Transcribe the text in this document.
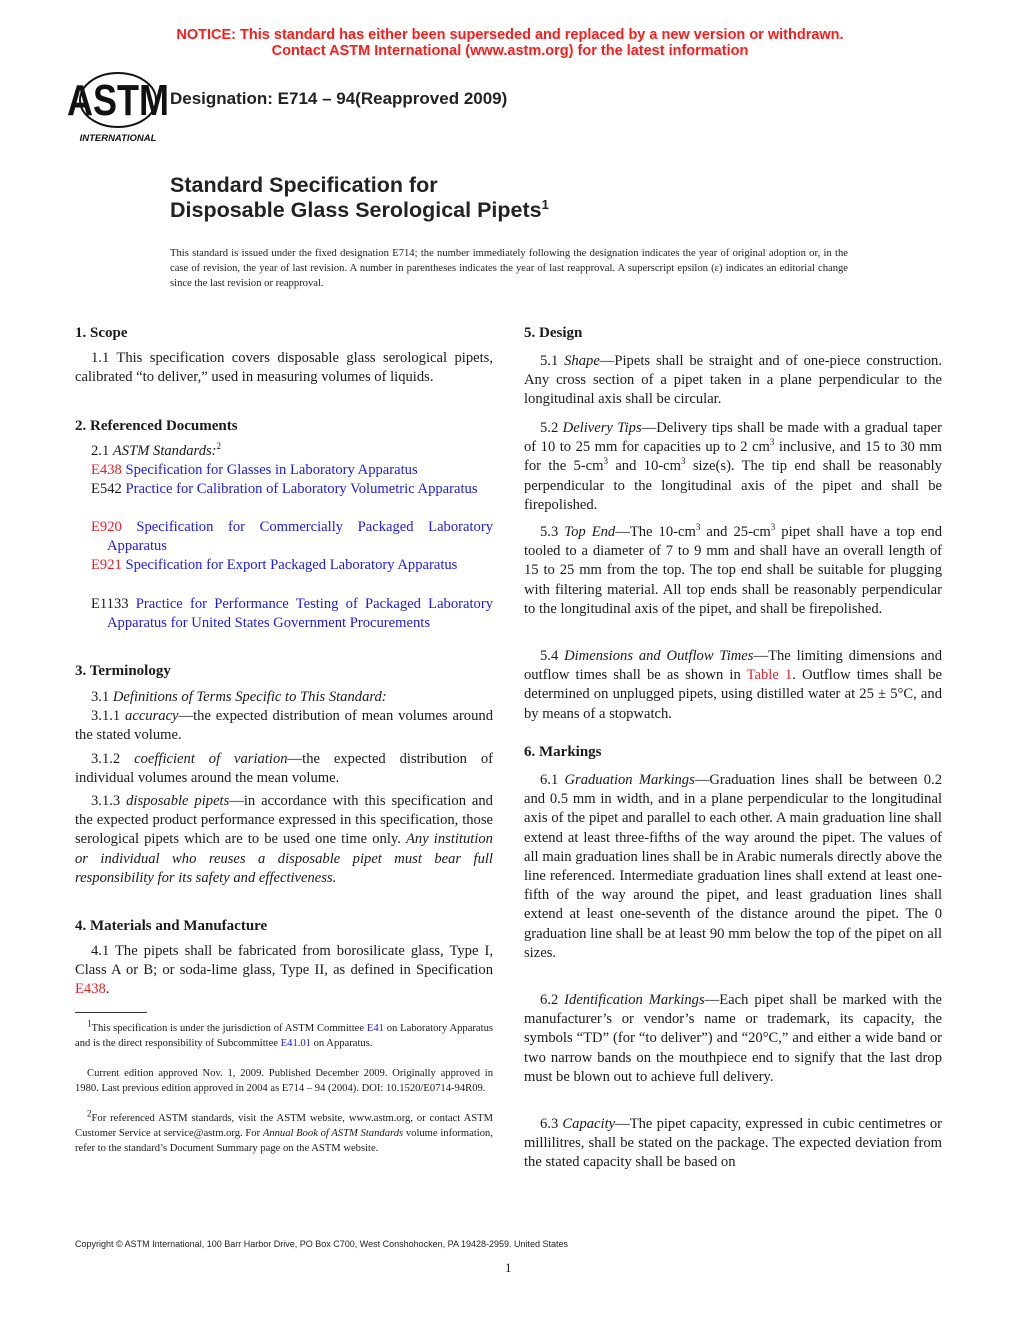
NOTICE: This standard has either been superseded and replaced by a new version or withdrawn.
Contact ASTM International (www.astm.org) for the latest information
ASTM
INTERNATIONAL
Designation: E714 – 94(Reapproved 2009)
Standard Specification for
Disposable Glass Serological Pipets$^1$
This standard is issued under the fixed designation E714; the number immediately following the designation indicates the year of original adoption or, in the case of revision, the year of last revision. A number in parentheses indicates the year of last reapproval. A superscript epsilon (ε) indicates an editorial change since the last revision or reapproval.
1. Scope
1.1 This specification covers disposable glass serological pipets, calibrated “to deliver,” used in measuring volumes of liquids.
2. Referenced Documents
2.1 ASTM Standards:$^2$
E438 Specification for Glasses in Laboratory Apparatus
E542 Practice for Calibration of Laboratory Volumetric Apparatus
E920 Specification for Commercially Packaged Laboratory Apparatus
E921 Specification for Export Packaged Laboratory Apparatus
E1133 Practice for Performance Testing of Packaged Laboratory Apparatus for United States Government Procurements
3. Terminology
3.1 Definitions of Terms Specific to This Standard:
3.1.1 accuracy—the expected distribution of mean volumes around the stated volume.
3.1.2 coefficient of variation—the expected distribution of individual volumes around the mean volume.
3.1.3 disposable pipets—in accordance with this specification and the expected product performance expressed in this specification, those serological pipets which are to be used one time only. Any institution or individual who reuses a disposable pipet must bear full responsibility for its safety and effectiveness.
4. Materials and Manufacture
4.1 The pipets shall be fabricated from borosilicate glass, Type I, Class A or B; or soda-lime glass, Type II, as defined in Specification E438.
5. Design
5.1 Shape—Pipets shall be straight and of one-piece construction. Any cross section of a pipet taken in a plane perpendicular to the longitudinal axis shall be circular.
5.2 Delivery Tips—Delivery tips shall be made with a gradual taper of 10 to 25 mm for capacities up to 2 $cm^3$ inclusive, and 15 to 30 mm for the $5-cm^3$ and $10-cm^3$ size(s). The tip end shall be reasonably perpendicular to the longitudinal axis of the pipet and shall be firepolished.
5.3 Top End—The $10-cm^3$ and $25-cm^3$ pipet shall have a top end tooled to a diameter of 7 to 9 mm and shall have an overall length of 15 to 25 mm from the top. The top end shall be suitable for plugging with filtering material. All top ends shall be reasonably perpendicular to the longitudinal axis of the pipet, and shall be firepolished.
5.4 Dimensions and Outflow Times—The limiting dimensions and outflow times shall be as shown in Table 1. Outflow times shall be determined on unplugged pipets, using distilled water at 25 ± 5°C, and by means of a stopwatch.
6. Markings
6.1 Graduation Markings—Graduation lines shall be between 0.2 and 0.5 mm in width, and in a plane perpendicular to the longitudinal axis of the pipet and parallel to each other. A main graduation line shall extend at least three-fifths of the way around the pipet. The values of all main graduation lines shall be in Arabic numerals directly above the line referenced. Intermediate graduation lines shall extend at least one-fifth of the way around the pipet, and least graduation lines shall extend at least one-seventh of the distance around the pipet. The 0 graduation line shall be at least 90 mm below the top of the pipet on all sizes.
6.2 Identification Markings—Each pipet shall be marked with the manufacturer’s or vendor’s name or trademark, its capacity, the symbols “TD” (for “to deliver”) and “20°C,” and either a wide band or two narrow bands on the mouthpiece end to signify that the last drop must be blown out to achieve full delivery.
6.3 Capacity—The pipet capacity, expressed in cubic centimetres or millilitres, shall be stated on the package. The expected deviation from the stated capacity shall be based on
$^1$This specification is under the jurisdiction of ASTM Committee E41 on Laboratory Apparatus and is the direct responsibility of Subcommittee E41.01 on Apparatus.
Current edition approved Nov. 1, 2009. Published December 2009. Originally approved in 1980. Last previous edition approved in 2004 as E714 – 94 (2004). DOI: 10.1520/E0714-94R09.
$^2$For referenced ASTM standards, visit the ASTM website, www.astm.org, or contact ASTM Customer Service at service@astm.org. For Annual Book of ASTM Standards volume information, refer to the standard’s Document Summary page on the ASTM website.
Copyright © ASTM International, 100 Barr Harbor Drive, PO Box C700, West Conshohocken, PA 19428-2959. United States
1
